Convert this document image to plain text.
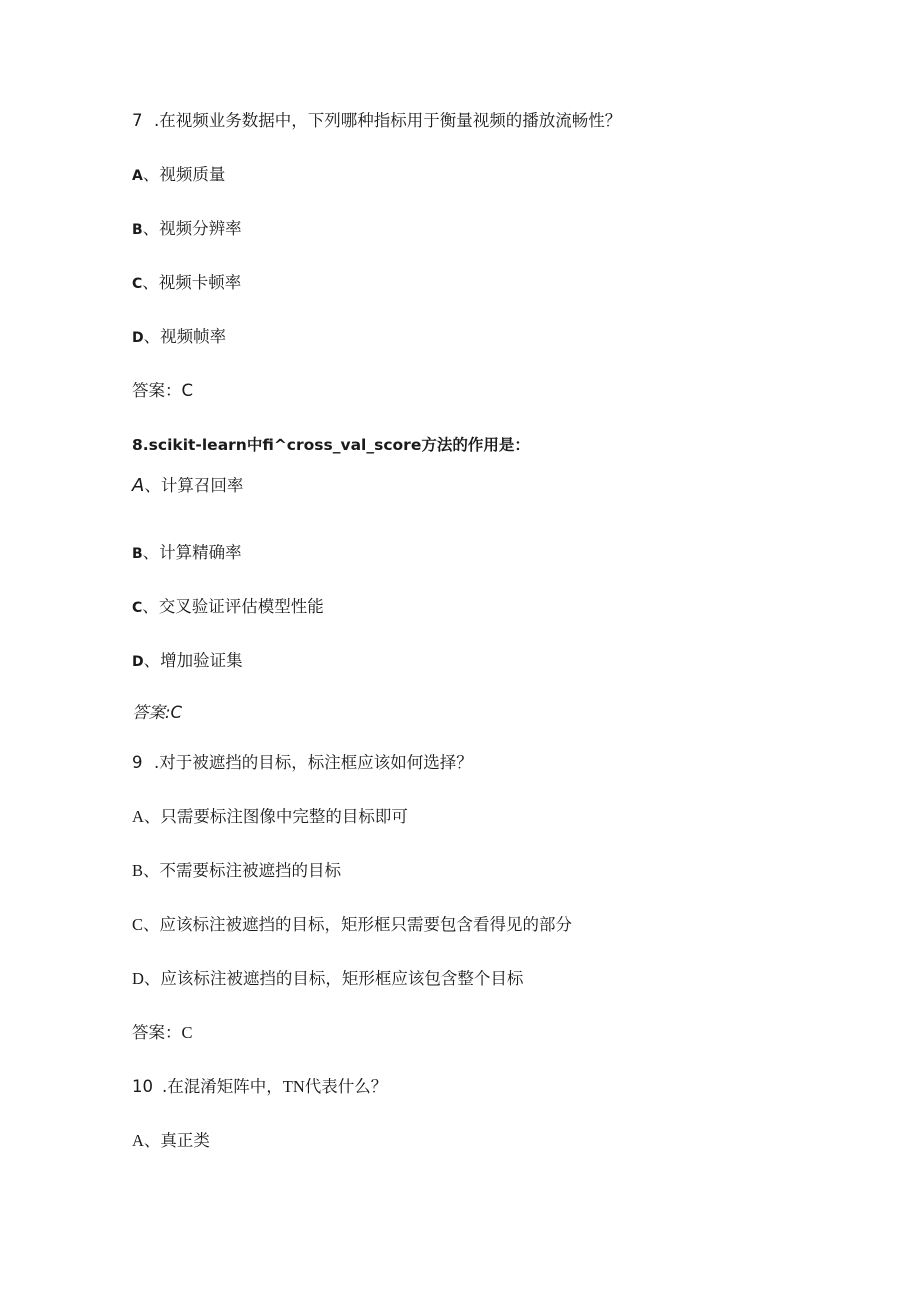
7 .在视频业务数据中，下列哪种指标用于衡量视频的播放流畅性？
A、视频质量
B、视频分辨率
C、视频卡顿率
D、视频帧率
答案：C
8.scikit-learn中fi^cross_val_score方法的作用是：
A、计算召回率
B、计算精确率
C、交叉验证评估模型性能
D、增加验证集
答案:C
9 .对于被遮挡的目标，标注框应该如何选择？
A、只需要标注图像中完整的目标即可
B、不需要标注被遮挡的目标
C、应该标注被遮挡的目标，矩形框只需要包含看得见的部分
D、应该标注被遮挡的目标，矩形框应该包含整个目标
答案：C
10 .在混淆矩阵中，TN代表什么？
A、真正类
